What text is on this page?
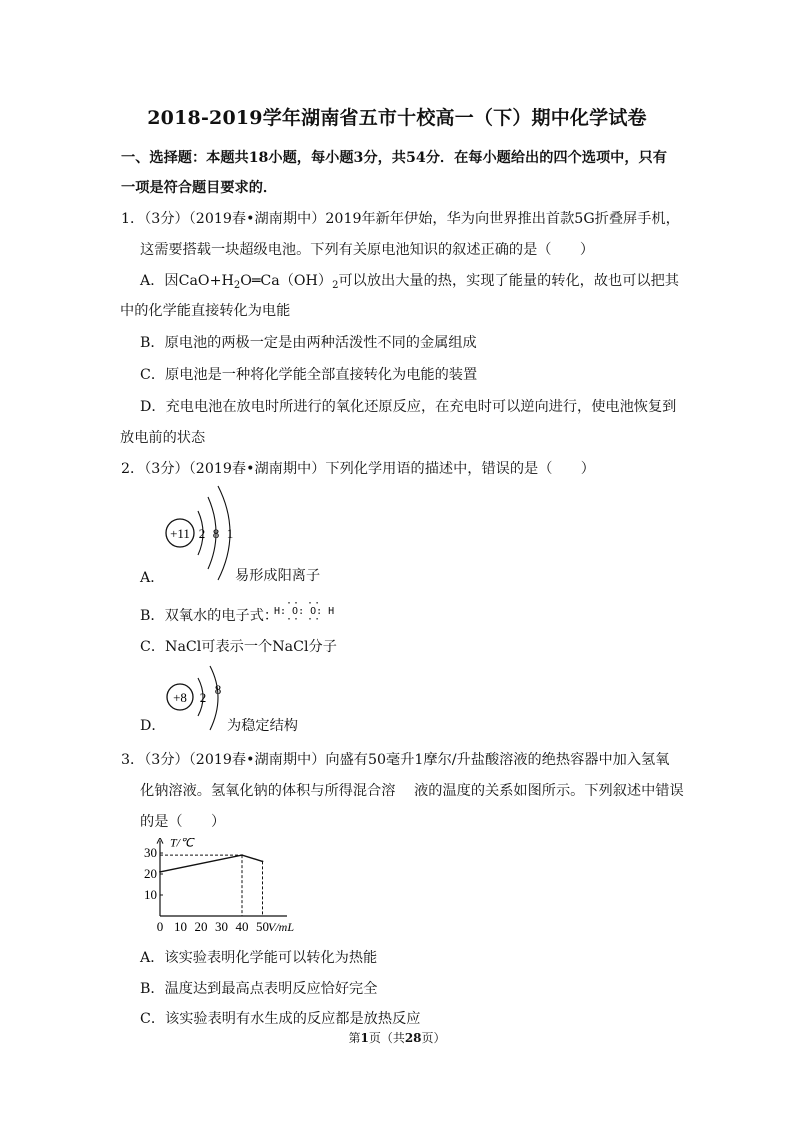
2018-2019学年湖南省五市十校高一（下）期中化学试卷
一、选择题：本题共18小题，每小题3分，共54分．在每小题给出的四个选项中，只有
一项是符合题目要求的．
1．（3分）（2019春•湖南期中）2019年新年伊始，华为向世界推出首款5G折叠屏手机，
这需要搭载一块超级电池。下列有关原电池知识的叙述正确的是（　　）
A．因$CaO+H_2O═Ca(OH)_2$可以放出大量的热，实现了能量的转化，故也可以把其
中的化学能直接转化为电能
B．原电池的两极一定是由两种活泼性不同的金属组成
C．原电池是一种将化学能全部直接转化为电能的装置
D．充电电池在放电时所进行的氧化还原反应，在充电时可以逆向进行，使电池恢复到
放电前的状态
2．（3分）（2019春•湖南期中）下列化学用语的描述中，错误的是（　　）
+11 2 8 1
A．	易形成阳离子
B．双氧水的电子式：
·· ··
H: O: O: H
·· ··
C．NaCl可表示一个NaCl分子
+8 2
8
D．	为稳定结构
3．（3分）（2019春•湖南期中）向盛有50毫升1摩尔/升盐酸溶液的绝热容器中加入氢氧
化钠溶液。氢氧化钠的体积与所得混合溶　 液的温度的关系如图所示。下列叙述中错误
的是（　　）
0 10 20 30 40 50
10
20
30
T/℃
V/mL
A．该实验表明化学能可以转化为热能
B．温度达到最高点表明反应恰好完全
C．该实验表明有水生成的反应都是放热反应
第1页（共28页）
